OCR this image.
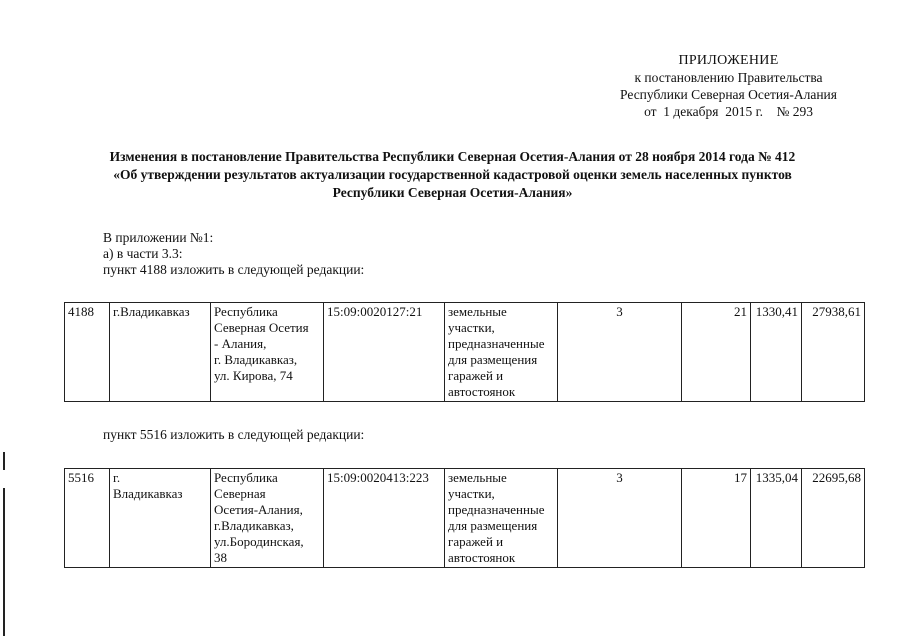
ПРИЛОЖЕНИЕ
к постановлению Правительства
Республики Северная Осетия-Алания
от  1 декабря  2015 г.    № 293
Изменения в постановление Правительства Республики Северная Осетия-Алания от 28 ноября 2014 года № 412
«Об утверждении результатов актуализации государственной кадастровой оценки земель населенных пунктов
Республики Северная Осетия-Алания»
В приложении №1:
а) в части 3.3:
пункт 4188 изложить в следующей редакции:
4188	г.Владикавказ	Республика
Северная Осетия
- Алания,
г. Владикавказ,
ул. Кирова, 74
	15:09:0020127:21	земельные
участки,
предназначенные
для размещения
гаражей и
автостоянок
	3	21	1330,41	27938,61
пункт 5516 изложить в следующей редакции:
5516	г.
Владикавказ

Республика
Северная
Осетия-Алания,
г.Владикавказ,
ул.Бородинская,
38
	15:09:0020413:223	земельные
участки,
предназначенные
для размещения
гаражей и
автостоянок
	3	17	1335,04	22695,68
